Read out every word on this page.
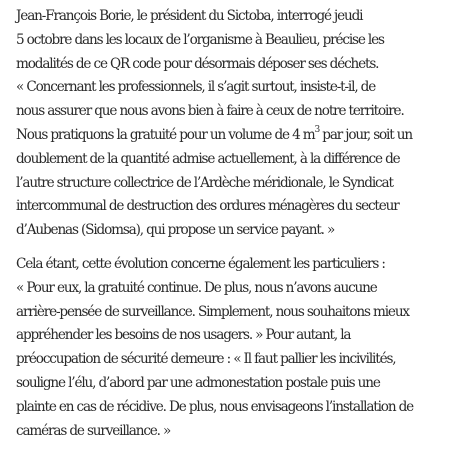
Jean-François Borie, le président du Sictoba, interrogé jeudi
5 octobre dans les locaux de l’organisme à Beaulieu, précise les
modalités de ce QR code pour désormais déposer ses déchets.
« Concernant les professionnels, il s’agit surtout, insiste-t-il, de
nous assurer que nous avons bien à faire à ceux de notre territoire.
Nous pratiquons la gratuité pour un volume de 4 $m^3$ par jour, soit un
doublement de la quantité admise actuellement, à la différence de
l’autre structure collectrice de l’Ardèche méridionale, le Syndicat
intercommunal de destruction des ordures ménagères du secteur
d’Aubenas (Sidomsa), qui propose un service payant. »

Cela étant, cette évolution concerne également les particuliers :
« Pour eux, la gratuité continue. De plus, nous n’avons aucune
arrière-pensée de surveillance. Simplement, nous souhaitons mieux
appréhender les besoins de nos usagers. » Pour autant, la
préoccupation de sécurité demeure : « Il faut pallier les incivilités,
souligne l’élu, d’abord par une admonestation postale puis une
plainte en cas de récidive. De plus, nous envisageons l’installation de
caméras de surveillance. »
